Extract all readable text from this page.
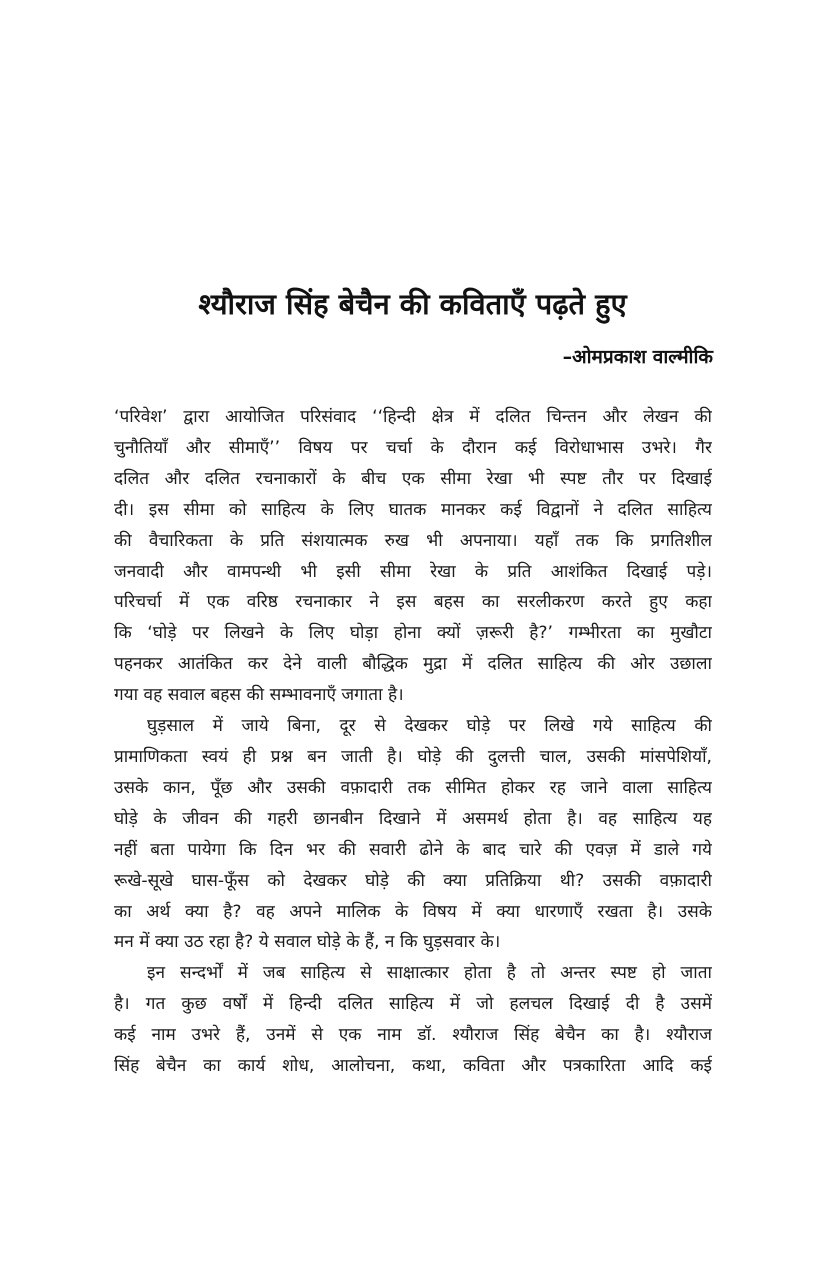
श्यौराज सिंह बेचैन की कविताएँ पढ़ते हुए

–ओमप्रकाश वाल्मीकि

‘परिवेश’ द्वारा आयोजित परिसंवाद ‘‘हिन्दी क्षेत्र में दलित चिन्तन और लेखन की
चुनौतियाँ और सीमाएँ’’ विषय पर चर्चा के दौरान कई विरोधाभास उभरे। गैर
दलित और दलित रचनाकारों के बीच एक सीमा रेखा भी स्पष्ट तौर पर दिखाई
दी। इस सीमा को साहित्य के लिए घातक मानकर कई विद्वानों ने दलित साहित्य
की वैचारिकता के प्रति संशयात्मक रुख भी अपनाया। यहाँ तक कि प्रगतिशील
जनवादी और वामपन्थी भी इसी सीमा रेखा के प्रति आशंकित दिखाई पड़े।
परिचर्चा में एक वरिष्ठ रचनाकार ने इस बहस का सरलीकरण करते हुए कहा
कि ‘घोड़े पर लिखने के लिए घोड़ा होना क्यों ज़रूरी है?’ गम्भीरता का मुखौटा
पहनकर आतंकित कर देने वाली बौद्धिक मुद्रा में दलित साहित्य की ओर उछाला
गया वह सवाल बहस की सम्भावनाएँ जगाता है।
घुड़साल में जाये बिना, दूर से देखकर घोड़े पर लिखे गये साहित्य की
प्रामाणिकता स्वयं ही प्रश्न बन जाती है। घोड़े की दुलत्ती चाल, उसकी मांसपेशियाँ,
उसके कान, पूँछ और उसकी वफ़ादारी तक सीमित होकर रह जाने वाला साहित्य
घोड़े के जीवन की गहरी छानबीन दिखाने में असमर्थ होता है। वह साहित्य यह
नहीं बता पायेगा कि दिन भर की सवारी ढोने के बाद चारे की एवज़ में डाले गये
रूखे-सूखे घास-फूँस को देखकर घोड़े की क्या प्रतिक्रिया थी? उसकी वफ़ादारी
का अर्थ क्या है? वह अपने मालिक के विषय में क्या धारणाएँ रखता है। उसके
मन में क्या उठ रहा है? ये सवाल घोड़े के हैं, न कि घुड़सवार के।
इन सन्दर्भों में जब साहित्य से साक्षात्कार होता है तो अन्तर स्पष्ट हो जाता
है। गत कुछ वर्षों में हिन्दी दलित साहित्य में जो हलचल दिखाई दी है उसमें
कई नाम उभरे हैं, उनमें से एक नाम डॉ. श्यौराज सिंह बेचैन का है। श्यौराज
सिंह बेचैन का कार्य शोध, आलोचना, कथा, कविता और पत्रकारिता आदि कई
